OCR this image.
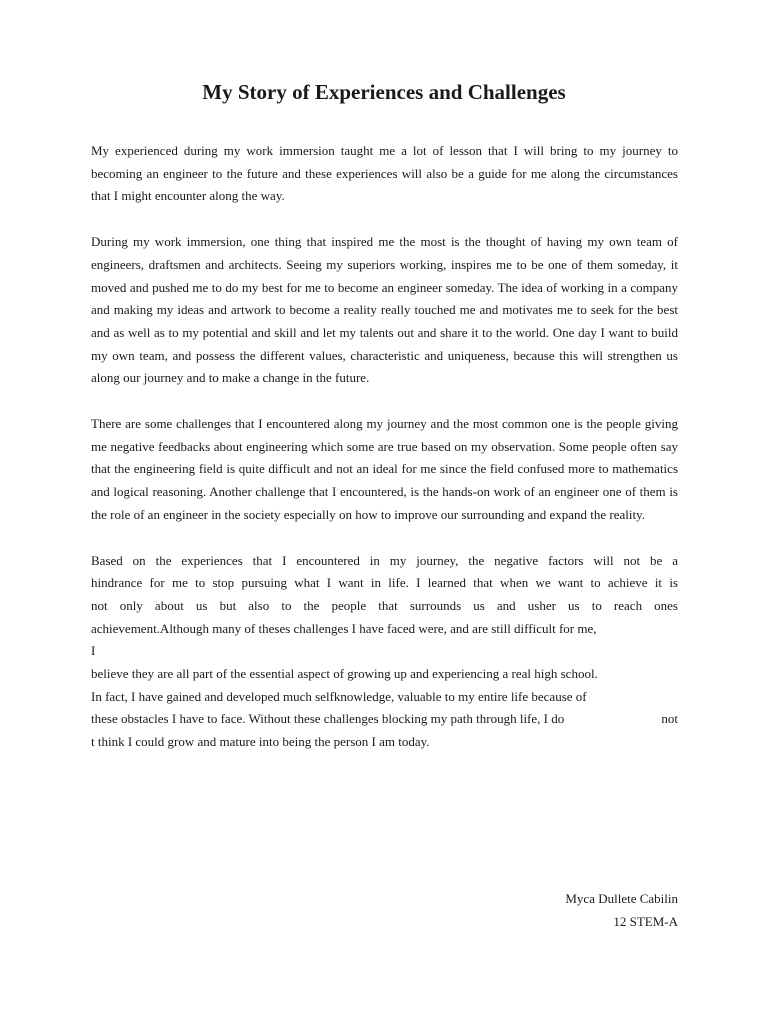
My Story of Experiences and Challenges

My experienced during my work immersion taught me a lot of lesson that I will bring to my journey to becoming an engineer to the future and these experiences will also be a guide for me along the circumstances that I might encounter along the way.

During my work immersion, one thing that inspired me the most is the thought of having my own team of engineers, draftsmen and architects. Seeing my superiors working, inspires me to be one of them someday, it moved and pushed me to do my best for me to become an engineer someday. The idea of working in a company and making my ideas and artwork to become a reality really touched me and motivates me to seek for the best and as well as to my potential and skill and let my talents out and share it to the world. One day I want to build my own team, and possess the different values, characteristic and uniqueness, because this will strengthen us along our journey and to make a change in the future.

There are some challenges that I encountered along my journey and the most common one is the people giving me negative feedbacks about engineering which some are true based on my observation. Some people often say that the engineering field is quite difficult and not an ideal for me since the field confused more to mathematics and logical reasoning. Another challenge that I encountered, is the hands-on work of an engineer one of them is the role of an engineer in the society especially on how to improve our surrounding and expand the reality.

Based on the experiences that I encountered in my journey, the negative factors will not be a
hindrance for me to stop pursuing what I want in life. I learned that when we want to achieve it is
not only about us but also to the people that surrounds us and usher us to reach ones
achievement.Although many of theses challenges I have faced were, and are still difficult for me,
I
believe they are all part of the essential aspect of growing up and experiencing a real high school.
In fact, I have gained and developed much selfknowledge, valuable to my entire life because of
these obstacles I have to face. Without these challenges blocking my path through life, I do	not
t think I could grow and mature into being the person I am today.
Myca Dullete Cabilin
12 STEM-A
